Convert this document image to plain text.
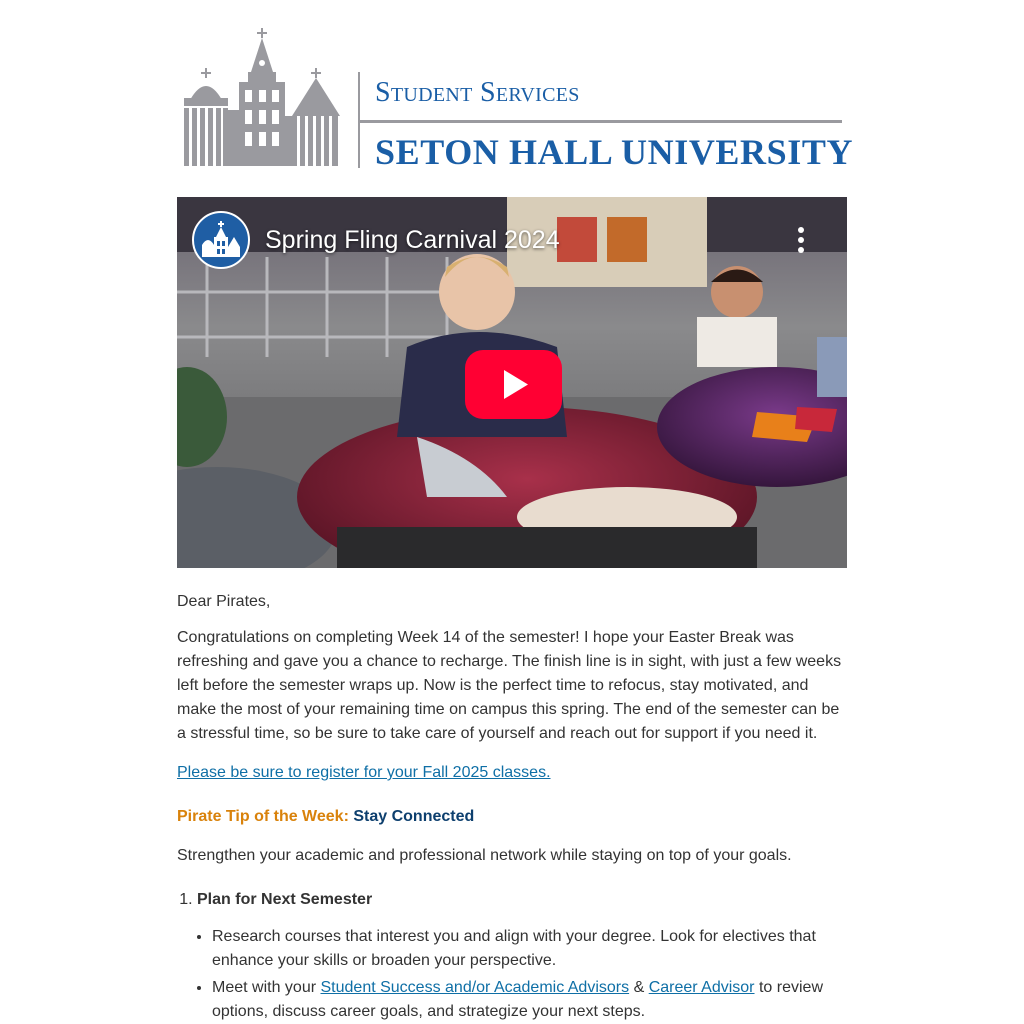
Student Services
SETON HALL UNIVERSITY
Spring Fling Carnival 2024

Dear Pirates,

Congratulations on completing Week 14 of the semester! I hope your Easter Break was refreshing and gave you a chance to recharge. The finish line is in sight, with just a few weeks left before the semester wraps up. Now is the perfect time to refocus, stay motivated, and make the most of your remaining time on campus this spring. The end of the semester can be a stressful time, so be sure to take care of yourself and reach out for support if you need it.

Please be sure to register for your Fall 2025 classes.

Pirate Tip of the Week: Stay Connected

Strengthen your academic and professional network while staying on top of your goals.

1. Plan for Next Semester
• Research courses that interest you and align with your degree. Look for electives that enhance your skills or broaden your perspective.
• Meet with your Student Success and/or Academic Advisors & Career Advisor to review options, discuss career goals, and strategize your next steps.
